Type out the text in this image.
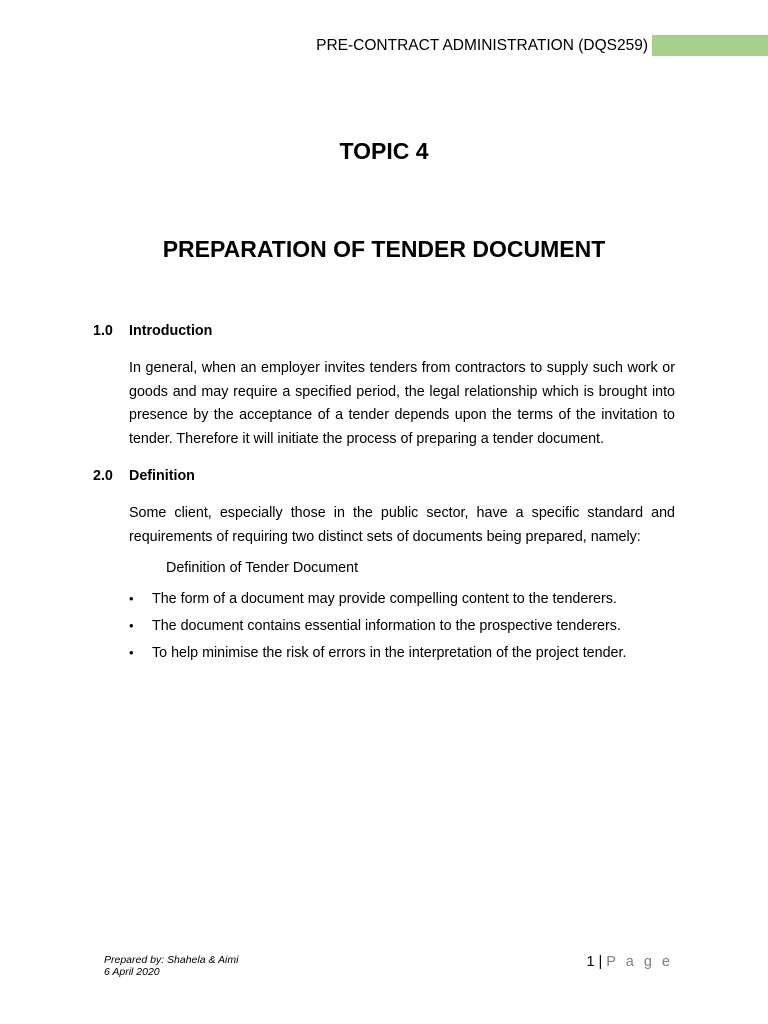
PRE-CONTRACT ADMINISTRATION (DQS259)
TOPIC 4
PREPARATION OF TENDER DOCUMENT
1.0 Introduction
In general, when an employer invites tenders from contractors to supply such work or
goods and may require a specified period, the legal relationship which is brought into
presence by the acceptance of a tender depends upon the terms of the invitation to
tender. Therefore it will initiate the process of preparing a tender document.
2.0 Definition
Some client, especially those in the public sector, have a specific standard and
requirements of requiring two distinct sets of documents being prepared, namely:
Definition of Tender Document
• The form of a document may provide compelling content to the tenderers.
• The document contains essential information to the prospective tenderers.
• To help minimise the risk of errors in the interpretation of the project tender.
Prepared by: Shahela & Aimi
6 April 2020
1 | P a g e
